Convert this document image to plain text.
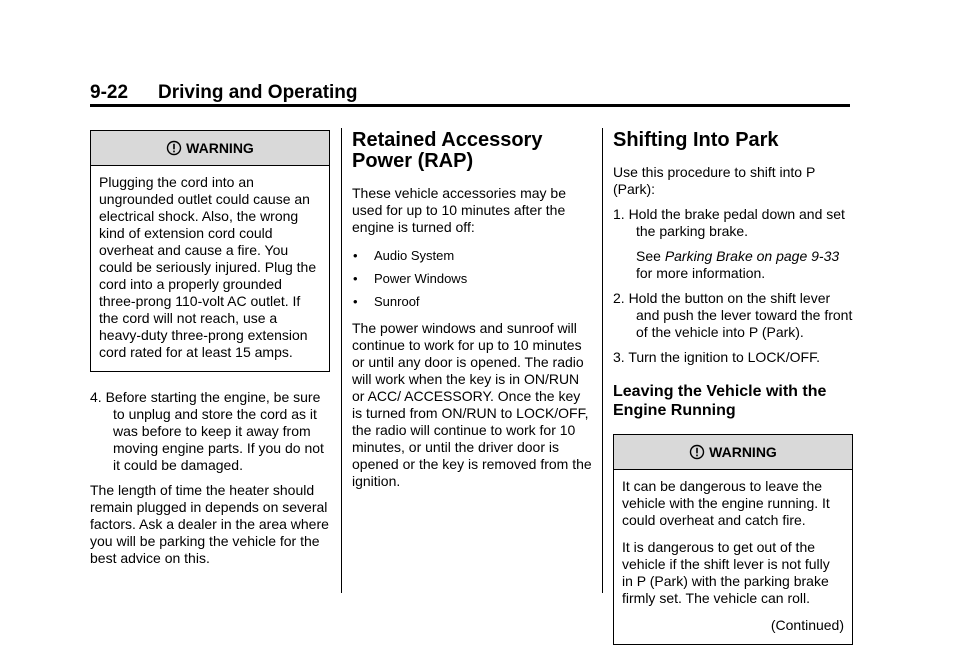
9-22 Driving and Operating
WARNING

Plugging the cord into an ungrounded outlet could cause an electrical shock. Also, the wrong kind of extension cord could overheat and cause a fire. You could be seriously injured. Plug the cord into a properly grounded three-prong 110-volt AC outlet. If the cord will not reach, use a heavy-duty three-prong extension cord rated for at least 15 amps.

4. Before starting the engine, be sure to unplug and store the cord as it was before to keep it away from moving engine parts. If you do not it could be damaged.

The length of time the heater should remain plugged in depends on several factors. Ask a dealer in the area where you will be parking the vehicle for the best advice on this.

Retained Accessory Power (RAP)

These vehicle accessories may be used for up to 10 minutes after the engine is turned off:

• Audio System
• Power Windows
• Sunroof

The power windows and sunroof will continue to work for up to 10 minutes or until any door is opened. The radio will work when the key is in ON/RUN or ACC/ ACCESSORY. Once the key is turned from ON/RUN to LOCK/OFF, the radio will continue to work for 10 minutes, or until the driver door is opened or the key is removed from the ignition.

Shifting Into Park

Use this procedure to shift into P (Park):

1. Hold the brake pedal down and set the parking brake.

See Parking Brake on page 9-33 for more information.

2. Hold the button on the shift lever and push the lever toward the front of the vehicle into P (Park).

3. Turn the ignition to LOCK/OFF.

Leaving the Vehicle with the Engine Running
WARNING

It can be dangerous to leave the vehicle with the engine running. It could overheat and catch fire.

It is dangerous to get out of the vehicle if the shift lever is not fully in P (Park) with the parking brake firmly set. The vehicle can roll.

(Continued)
